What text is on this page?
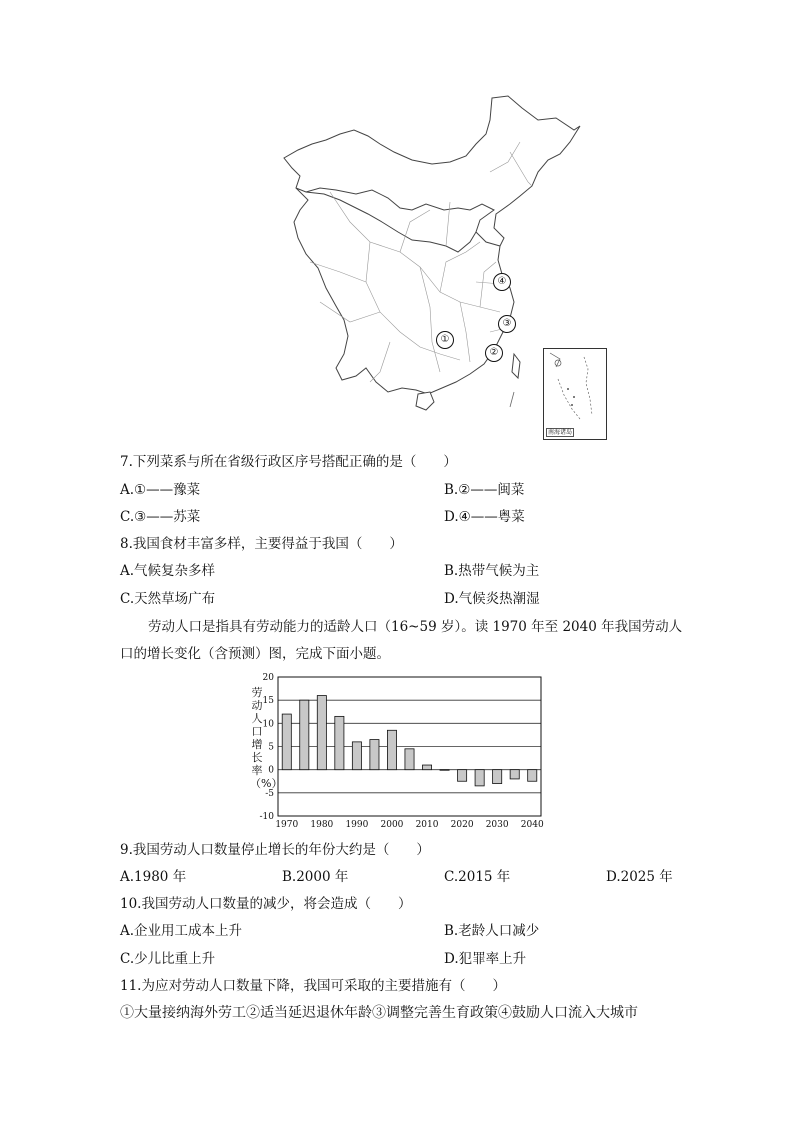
①
②
③
④
南海诸岛
7.下列菜系与所在省级行政区序号搭配正确的是（　　）
A.①——豫菜	B.②——闽菜
C.③——苏菜	D.④——粤菜
8.我国食材丰富多样，主要得益于我国（　　）
A.气候复杂多样	B.热带气候为主
C.天然草场广布	D.气候炎热潮湿
劳动人口是指具有劳动能力的适龄人口（16~59 岁）。读 1970 年至 2040 年我国劳动人
口的增长变化（含预测）图，完成下面小题。
劳动人口增长率（%）
-10
-5
0
5
10
15
20
1970 1980 1990 2000 2010 2020 2030 2040
9.我国劳动人口数量停止增长的年份大约是（　　）
A.1980 年	B.2000 年	C.2015 年	D.2025 年
10.我国劳动人口数量的减少，将会造成（　　）
A.企业用工成本上升	B.老龄人口减少
C.少儿比重上升	D.犯罪率上升
11.为应对劳动人口数量下降，我国可采取的主要措施有（　　）
①大量接纳海外劳工②适当延迟退休年龄③调整完善生育政策④鼓励人口流入大城市
